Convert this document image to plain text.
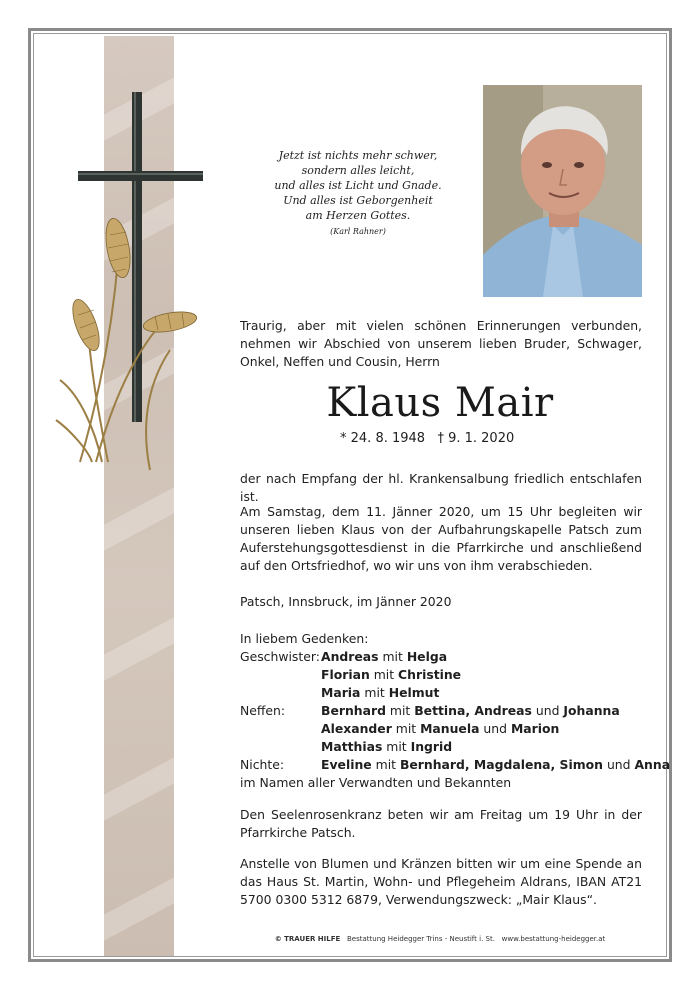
Jetzt ist nichts mehr schwer,
sondern alles leicht,
und alles ist Licht und Gnade.
Und alles ist Geborgenheit
am Herzen Gottes.
(Karl Rahner)
Traurig, aber mit vielen schönen Erinnerungen verbunden, nehmen wir Abschied von unserem lieben Bruder, Schwager, Onkel, Neffen und Cousin, Herrn
Klaus Mair
* 24. 8. 1948   † 9. 1. 2020
der nach Empfang der hl. Krankensalbung friedlich entschlafen ist.
Am Samstag, dem 11. Jänner 2020, um 15 Uhr begleiten wir unseren lieben Klaus von der Aufbahrungskapelle Patsch zum Auferstehungsgottesdienst in die Pfarrkirche und anschließend auf den Ortsfriedhof, wo wir uns von ihm verabschieden.
Patsch, Innsbruck, im Jänner 2020
In liebem Gedenken:
Geschwister: Andreas mit Helga
Florian mit Christine
Maria mit Helmut
Neffen:	Bernhard mit Bettina, Andreas und Johanna
Alexander mit Manuela und Marion
Matthias mit Ingrid
Nichte:	Eveline mit Bernhard, Magdalena, Simon und Anna
im Namen aller Verwandten und Bekannten
Den Seelenrosenkranz beten wir am Freitag um 19 Uhr in der Pfarrkirche Patsch.
Anstelle von Blumen und Kränzen bitten wir um eine Spende an das Haus St. Martin, Wohn- und Pflegeheim Aldrans, IBAN AT21 5700 0300 5312 6879, Verwendungszweck: „Mair Klaus“.
© TRAUER HILFE Bestattung Heidegger Trins - Neustift i. St. www.bestattung-heidegger.at
